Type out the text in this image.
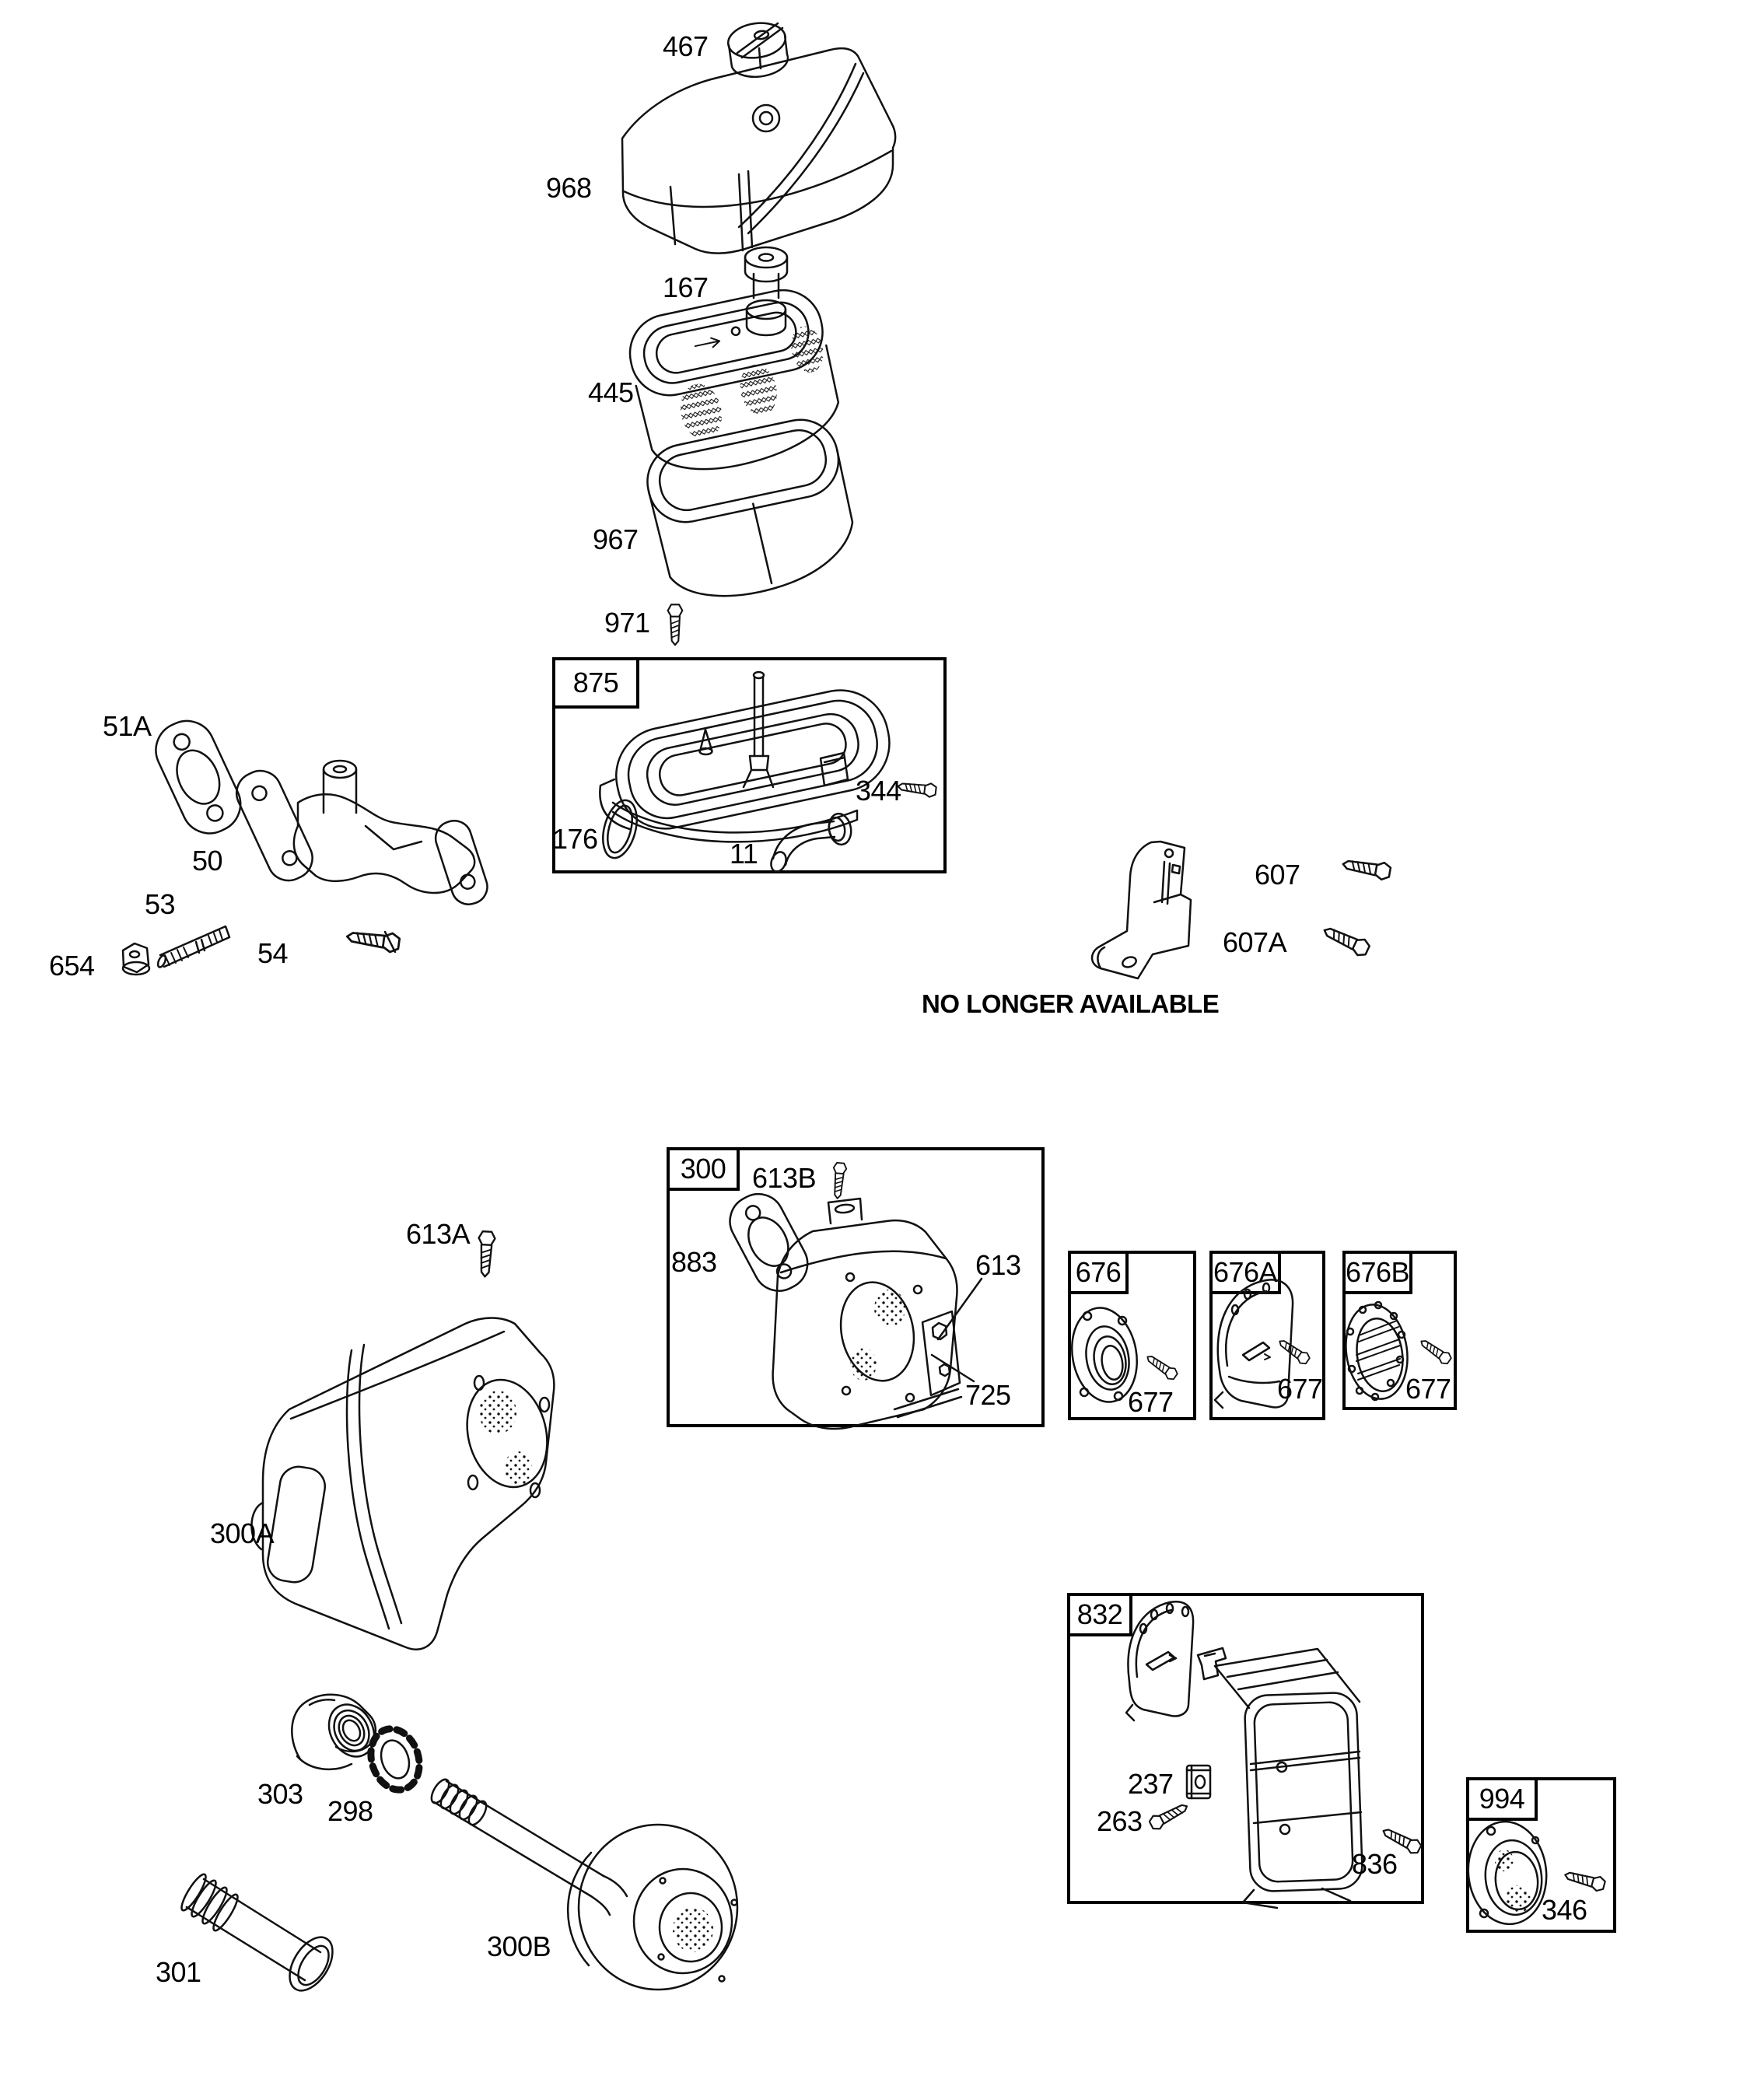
875
300
676	676A 676B
832
994
467
968
167
445
967
971
344
176	11
51A
50
53
654	54
607
607A
NO LONGER AVAILABLE
613A
300A
613B
883	613
725	677	677	677
237
263
836
346
303
298
301
300B
